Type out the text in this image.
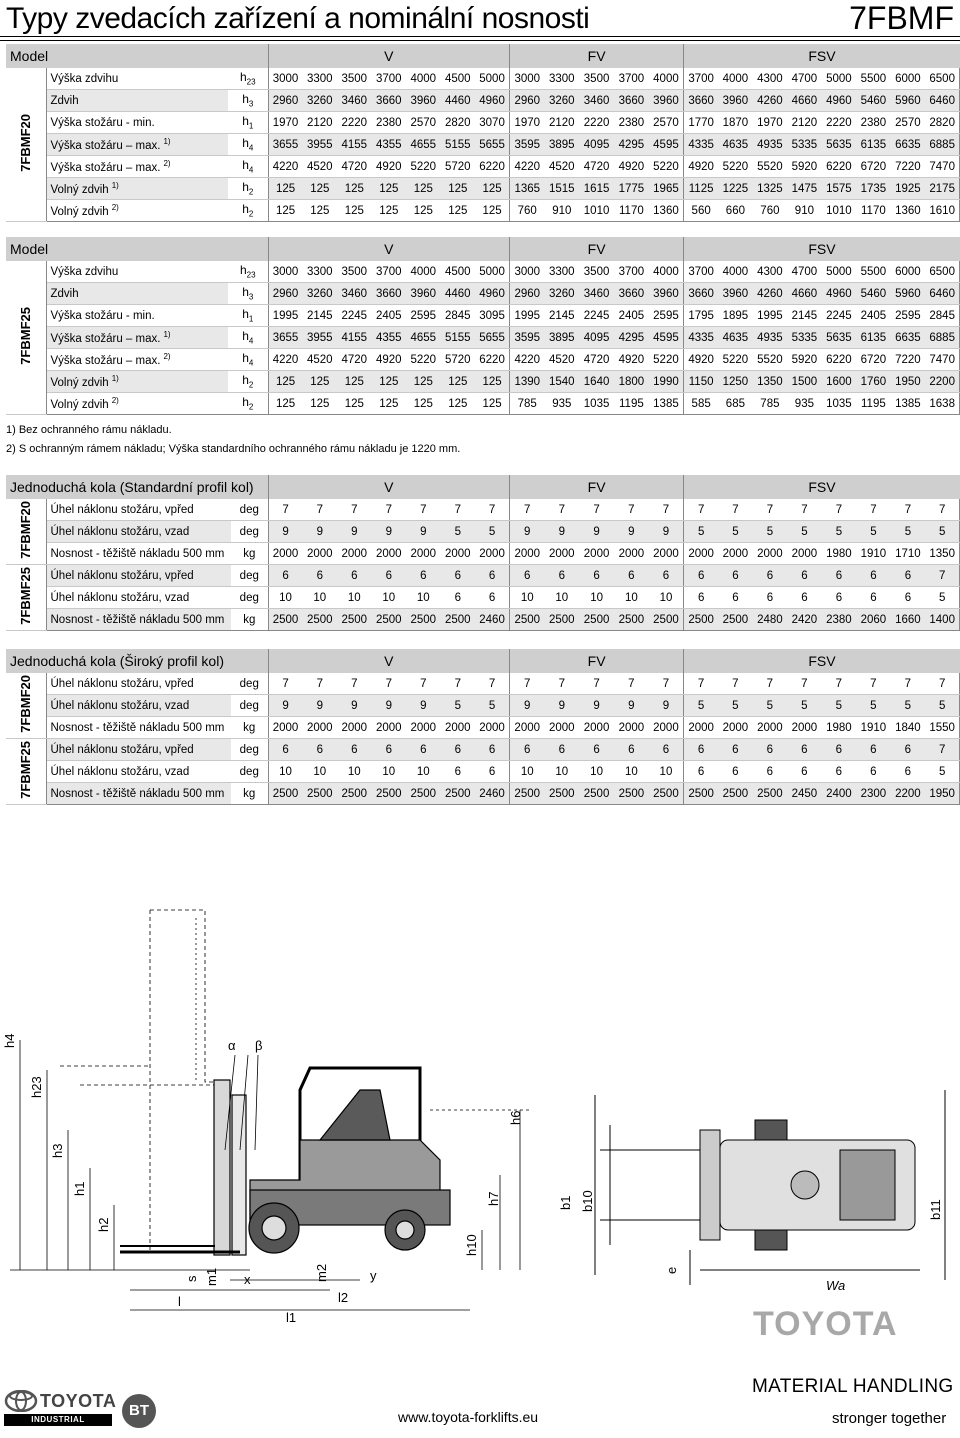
Typy zvedacích zařízení a nominální nosnosti	7FBMF
Model			V							FV					FSV							
7FBMF20	Výška zdvihu	$h_{23}$	3000	3300	3500	3700	4000	4500	5000	3000	3300	3500	3700	4000	3700	4000	4300	4700	5000	5500	6000	6500
	Zdvih	$h_3$	2960	3260	3460	3660	3960	4460	4960	2960	3260	3460	3660	3960	3660	3960	4260	4660	4960	5460	5960	6460
	Výška stožáru - min.	$h_1$	1970	2120	2220	2380	2570	2820	3070	1970	2120	2220	2380	2570	1770	1870	1970	2120	2220	2380	2570	2820
	Výška stožáru – max. $^{1)}$	$h_4$	3655	3955	4155	4355	4655	5155	5655	3595	3895	4095	4295	4595	4335	4635	4935	5335	5635	6135	6635	6885
	Výška stožáru – max. $^{2)}$	$h_4$	4220	4520	4720	4920	5220	5720	6220	4220	4520	4720	4920	5220	4920	5220	5520	5920	6220	6720	7220	7470
	Volný zdvih $^{1)}$	$h_2$	125	125	125	125	125	125	125	1365	1515	1615	1775	1965	1125	1225	1325	1475	1575	1735	1925	2175
	Volný zdvih $^{2)}$	$h_2$	125	125	125	125	125	125	125	760	910	1010	1170	1360	560	660	760	910	1010	1170	1360	1610
Model			V							FV					FSV							
7FBMF25	Výška zdvihu	$h_{23}$	3000	3300	3500	3700	4000	4500	5000	3000	3300	3500	3700	4000	3700	4000	4300	4700	5000	5500	6000	6500
	Zdvih	$h_3$	2960	3260	3460	3660	3960	4460	4960	2960	3260	3460	3660	3960	3660	3960	4260	4660	4960	5460	5960	6460
	Výška stožáru - min.	$h_1$	1995	2145	2245	2405	2595	2845	3095	1995	2145	2245	2405	2595	1795	1895	1995	2145	2245	2405	2595	2845
	Výška stožáru – max. $^{1)}$	$h_4$	3655	3955	4155	4355	4655	5155	5655	3595	3895	4095	4295	4595	4335	4635	4935	5335	5635	6135	6635	6885
	Výška stožáru – max. $^{2)}$	$h_4$	4220	4520	4720	4920	5220	5720	6220	4220	4520	4720	4920	5220	4920	5220	5520	5920	6220	6720	7220	7470
	Volný zdvih $^{1)}$	$h_2$	125	125	125	125	125	125	125	1390	1540	1640	1800	1990	1150	1250	1350	1500	1600	1760	1950	2200
	Volný zdvih $^{2)}$	$h_2$	125	125	125	125	125	125	125	785	935	1035	1195	1385	585	685	785	935	1035	1195	1385	1638
1) Bez ochranného rámu nákladu.
2) S ochranným rámem nákladu; Výška standardního ochranného rámu nákladu je 1220 mm.
Jednoduchá kola (Standardní profil kol)			V							FV					FSV							
7FBMF20	Úhel náklonu stožáru, vpřed	deg	7	7	7	7	7	7	7	7	7	7	7	7	7	7	7	7	7	7	7	7
	Úhel náklonu stožáru, vzad	deg	9	9	9	9	9	5	5	9	9	9	9	9	5	5	5	5	5	5	5	5
	Nosnost - těžiště nákladu 500 mm	kg	2000	2000	2000	2000	2000	2000	2000	2000	2000	2000	2000	2000	2000	2000	2000	2000	1980	1910	1710	1350
7FBMF25	Úhel náklonu stožáru, vpřed	deg	6	6	6	6	6	6	6	6	6	6	6	6	6	6	6	6	6	6	6	7
	Úhel náklonu stožáru, vzad	deg	10	10	10	10	10	6	6	10	10	10	10	10	6	6	6	6	6	6	6	5
	Nosnost - těžiště nákladu 500 mm	kg	2500	2500	2500	2500	2500	2500	2460	2500	2500	2500	2500	2500	2500	2500	2480	2420	2380	2060	1660	1400
Jednoduchá kola (Široký profil kol)			V							FV					FSV							
7FBMF20	Úhel náklonu stožáru, vpřed	deg	7	7	7	7	7	7	7	7	7	7	7	7	7	7	7	7	7	7	7	7
	Úhel náklonu stožáru, vzad	deg	9	9	9	9	9	5	5	9	9	9	9	9	5	5	5	5	5	5	5	5
	Nosnost - těžiště nákladu 500 mm	kg	2000	2000	2000	2000	2000	2000	2000	2000	2000	2000	2000	2000	2000	2000	2000	2000	1980	1910	1840	1550
7FBMF25	Úhel náklonu stožáru, vpřed	deg	6	6	6	6	6	6	6	6	6	6	6	6	6	6	6	6	6	6	6	7
	Úhel náklonu stožáru, vzad	deg	10	10	10	10	10	6	6	10	10	10	10	10	6	6	6	6	6	6	6	5
	Nosnost - těžiště nákladu 500 mm	kg	2500	2500	2500	2500	2500	2500	2460	2500	2500	2500	2500	2500	2500	2500	2500	2450	2400	2300	2200	1950
h4
h23
h3
h1
h2
α β
h6
h7
h10
s m1 x	m2	y
l	l2
l1
e
b1 b10	b11
Wa
TOYOTA
TOYOTA
INDUSTRIAL EQUIPMENT
BT	www.toyota-forklifts.eu
MATERIAL HANDLING
stronger together
